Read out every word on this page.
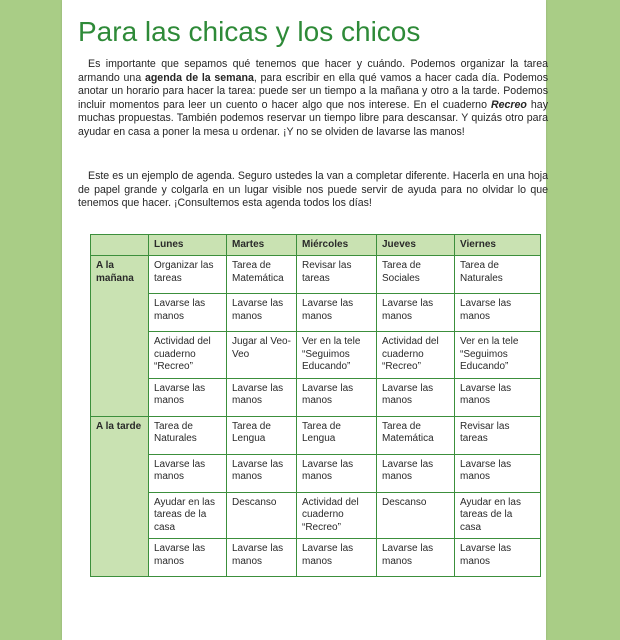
Para las chicas y los chicos

Es importante que sepamos qué tenemos que hacer y cuándo. Podemos organizar la tarea armando una agenda de la semana, para escribir en ella qué vamos a hacer cada día. Podemos anotar un horario para hacer la tarea: puede ser un tiempo a la mañana y otro a la tarde. Podemos incluir momentos para leer un cuento o hacer algo que nos interese. En el cuaderno Recreo hay muchas propuestas. También podemos reservar un tiempo libre para descansar. Y quizás otro para ayudar en casa a poner la mesa u ordenar. ¡Y no se olviden de lavarse las manos!

Este es un ejemplo de agenda. Seguro ustedes la van a completar diferente. Hacerla en una hoja de papel grande y colgarla en un lugar visible nos puede servir de ayuda para no olvidar lo que tenemos que hacer. ¡Consultemos esta agenda todos los días!

	Lunes	Martes	Miércoles	Jueves	Viernes
A la mañana	Organizar las tareas	Tarea de Matemática	Revisar las tareas	Tarea de Sociales	Tarea de Naturales
	Lavarse las manos	Lavarse las manos	Lavarse las manos	Lavarse las manos	Lavarse las manos
	Actividad del cuaderno “Recreo”	Jugar al Veo-Veo	Ver en la tele “Seguimos Educando”	Actividad del cuaderno “Recreo”	Ver en la tele “Seguimos Educando”
	Lavarse las manos	Lavarse las manos	Lavarse las manos	Lavarse las manos	Lavarse las manos
A la tarde	Tarea de Naturales	Tarea de Lengua	Tarea de Lengua	Tarea de Matemática	Revisar las tareas
	Lavarse las manos	Lavarse las manos	Lavarse las manos	Lavarse las manos	Lavarse las manos
	Ayudar en las tareas de la casa	Descanso	Actividad del cuaderno “Recreo”	Descanso	Ayudar en las tareas de la casa
	Lavarse las manos	Lavarse las manos	Lavarse las manos	Lavarse las manos	Lavarse las manos
